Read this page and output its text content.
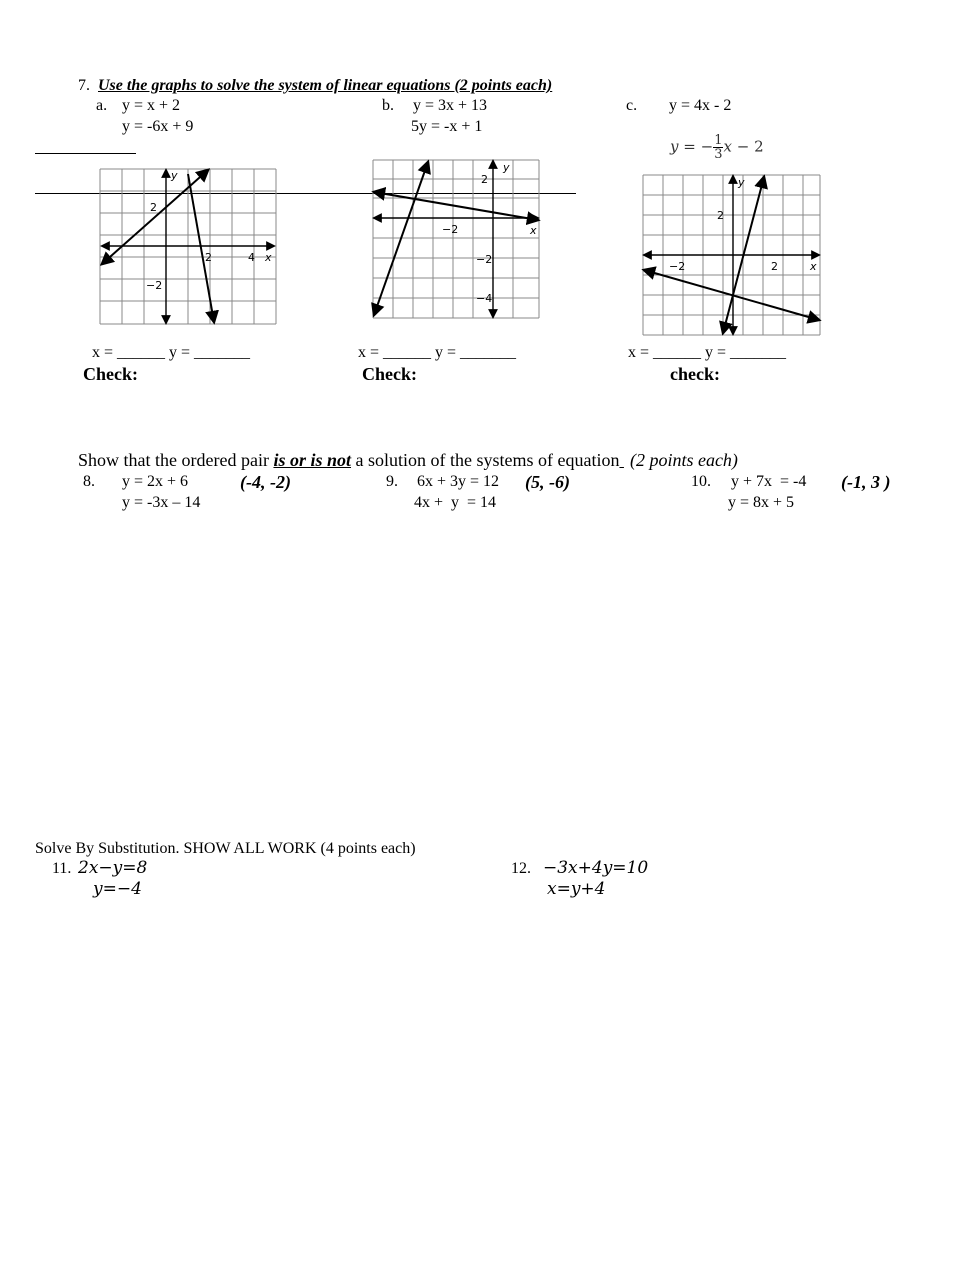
7. Use the graphs to solve the system of linear equations (2 points each)
a. y = x + 2
y = -6x + 9
b. y = 3x + 13
5y = -x + 1
c. y = 4x - 2
y = − $\frac{1}{3}$ x − 2
2
4
2
−2
x
y	2
−2
−2
−4
x
y
2
−2	2	x
y
x = ______ y = _______	x = ______ y = _______	x = ______ y = _______
Check:	Check:	check:
Show that the ordered pair is or is not a solution of the systems of equation (2 points each)
8. y = 2x + 6
y = -3x – 14
(-4, -2)	9. 6x + 3y = 12
4x +  y  = 14
(5, -6)	10. y + 7x  = -4
y = 8x + 5
(-1, 3 )
Solve By Substitution. SHOW ALL WORK (4 points each)
11. 2x−y=8
y=−4
12. −3x+4y=10
x=y+4
